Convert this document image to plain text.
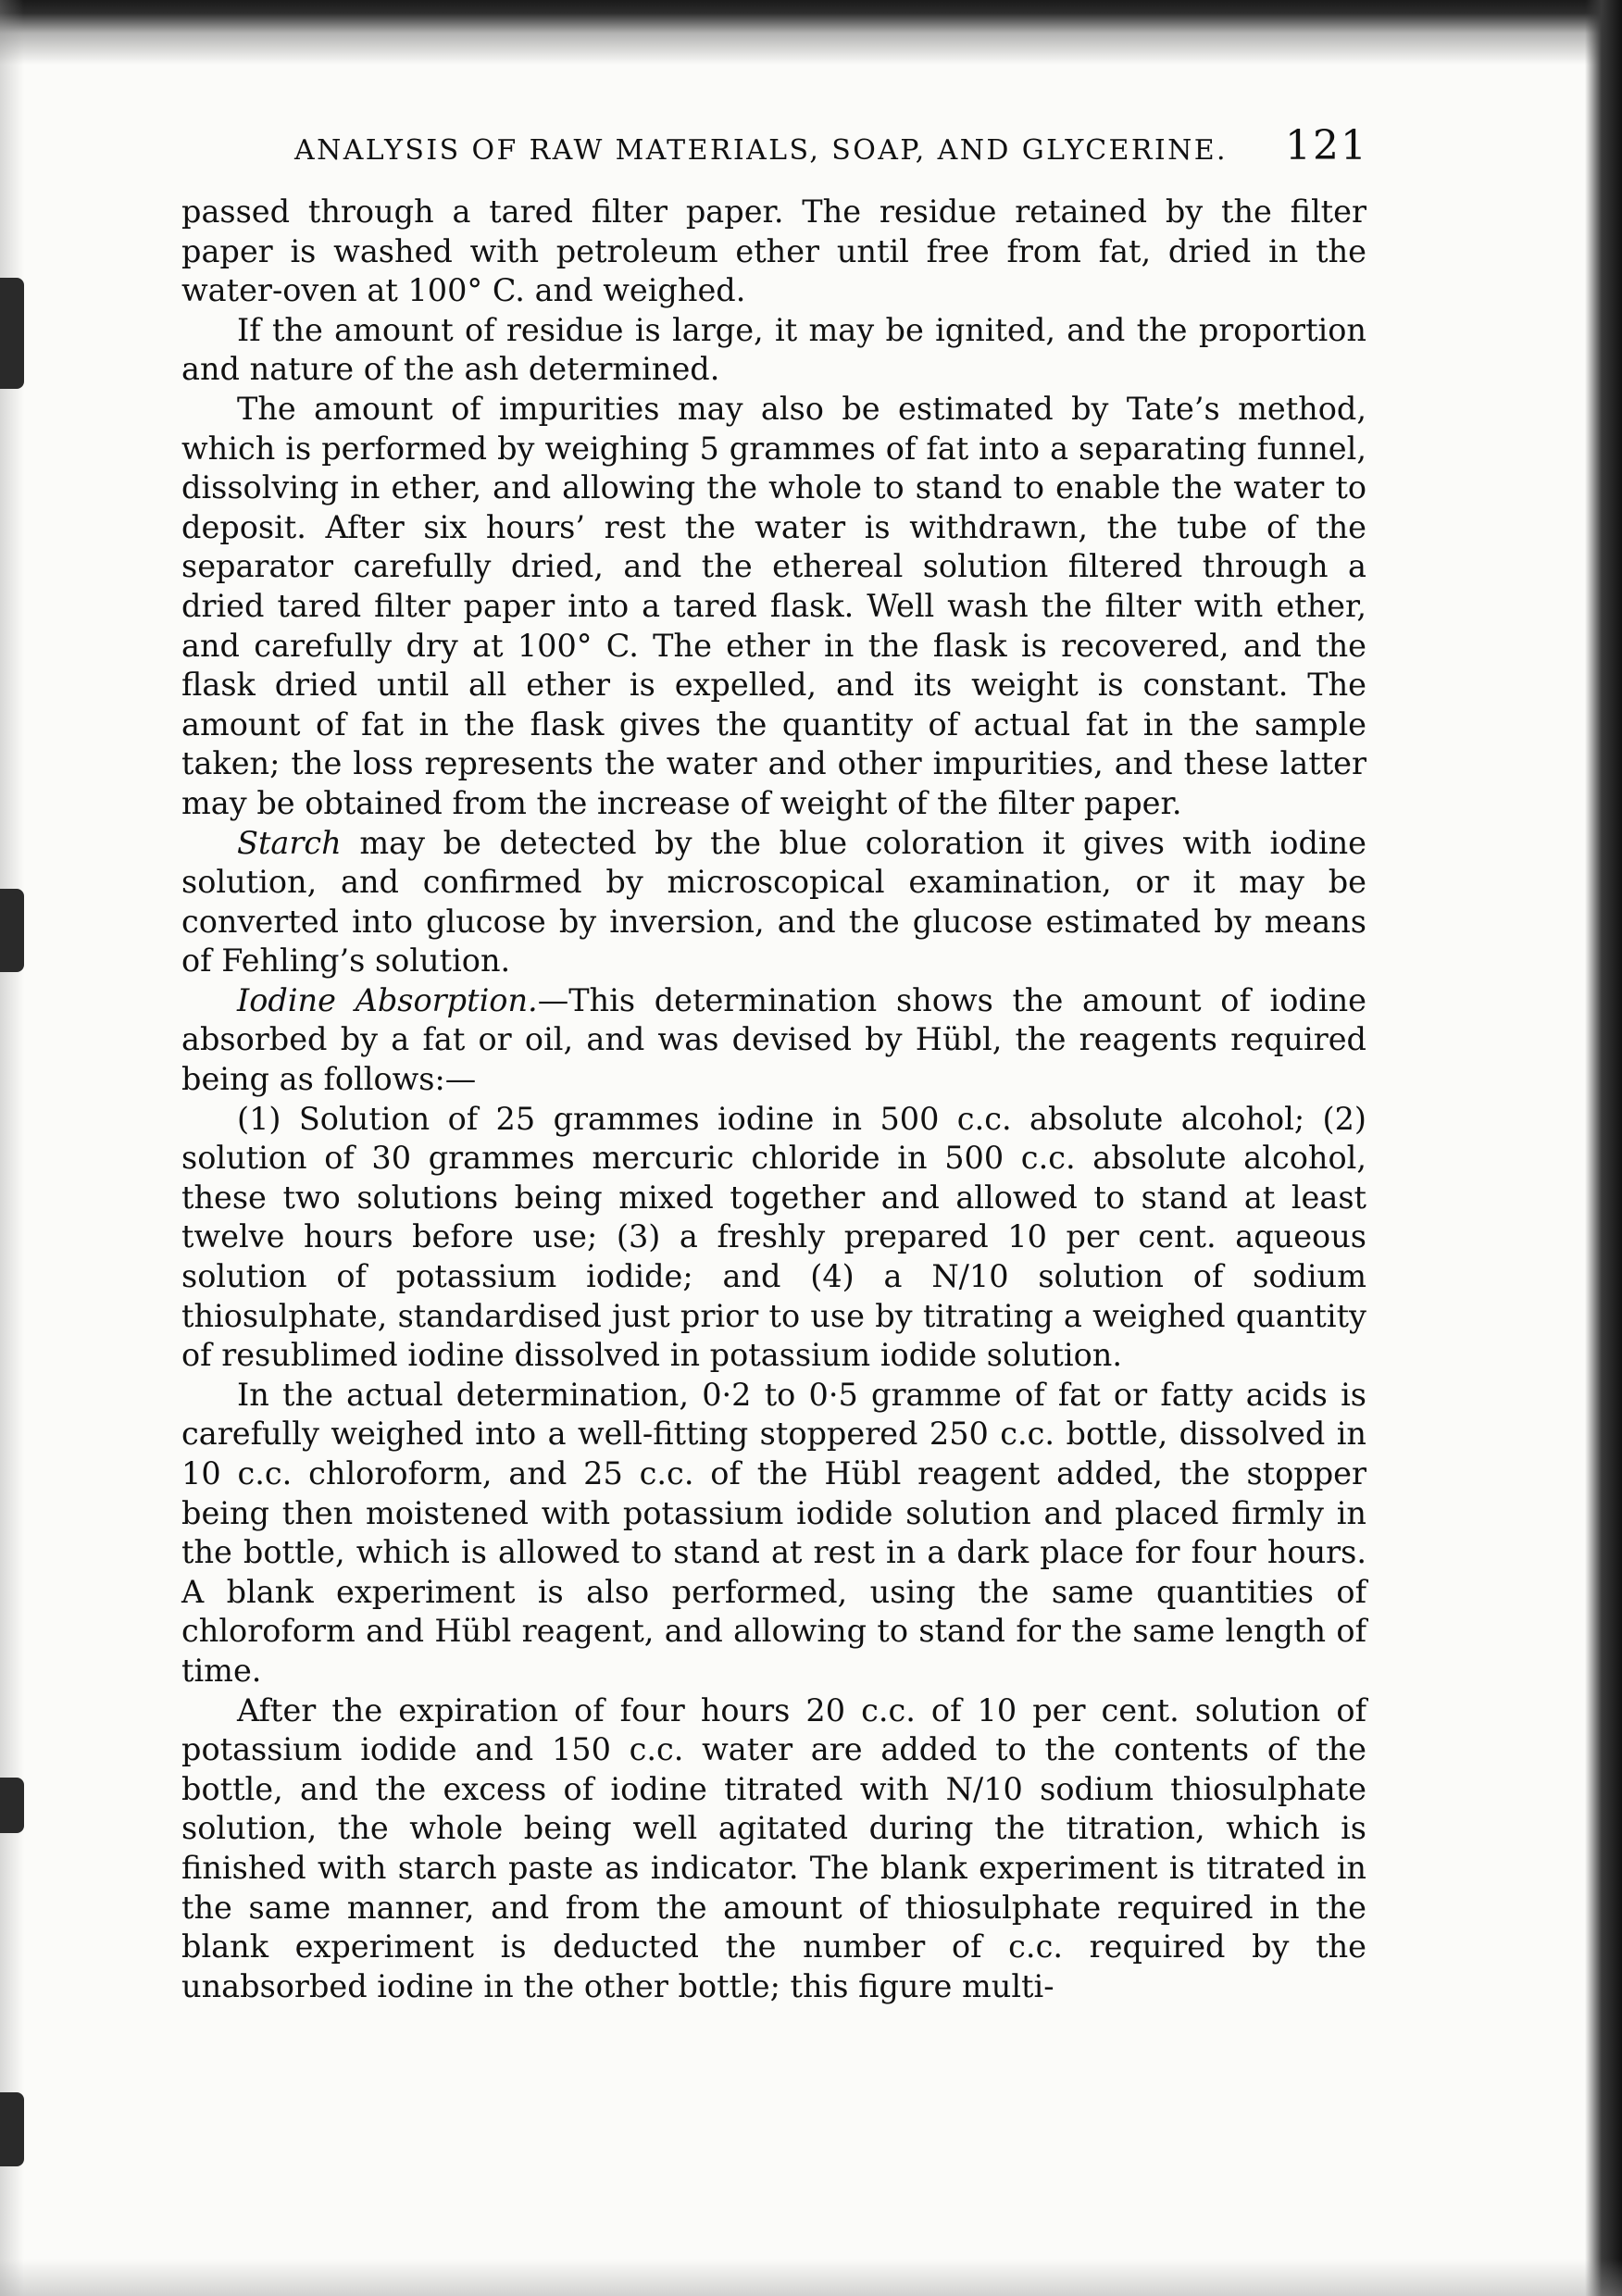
ANALYSIS OF RAW MATERIALS, SOAP, AND GLYCERINE. 121

passed through a tared filter paper. The residue retained by the filter paper is washed with petroleum ether until free from fat, dried in the water-oven at 100° C. and weighed.

If the amount of residue is large, it may be ignited, and the proportion and nature of the ash determined.

The amount of impurities may also be estimated by Tate’s method, which is performed by weighing 5 grammes of fat into a separating funnel, dissolving in ether, and allowing the whole to stand to enable the water to deposit. After six hours’ rest the water is withdrawn, the tube of the separator carefully dried, and the ethereal solution filtered through a dried tared filter paper into a tared flask. Well wash the filter with ether, and carefully dry at 100° C. The ether in the flask is recovered, and the flask dried until all ether is expelled, and its weight is constant. The amount of fat in the flask gives the quantity of actual fat in the sample taken; the loss represents the water and other impurities, and these latter may be obtained from the increase of weight of the filter paper.

Starch may be detected by the blue coloration it gives with iodine solution, and confirmed by microscopical examination, or it may be converted into glucose by inversion, and the glucose estimated by means of Fehling’s solution.

Iodine Absorption.—This determination shows the amount of iodine absorbed by a fat or oil, and was devised by Hübl, the reagents required being as follows:—

(1) Solution of 25 grammes iodine in 500 c.c. absolute alcohol; (2) solution of 30 grammes mercuric chloride in 500 c.c. absolute alcohol, these two solutions being mixed together and allowed to stand at least twelve hours before use; (3) a freshly prepared 10 per cent. aqueous solution of potassium iodide; and (4) a N/10 solution of sodium thiosulphate, standardised just prior to use by titrating a weighed quantity of resublimed iodine dissolved in potassium iodide solution.

In the actual determination, 0·2 to 0·5 gramme of fat or fatty acids is carefully weighed into a well-fitting stoppered 250 c.c. bottle, dissolved in 10 c.c. chloroform, and 25 c.c. of the Hübl reagent added, the stopper being then moistened with potassium iodide solution and placed firmly in the bottle, which is allowed to stand at rest in a dark place for four hours. A blank experiment is also performed, using the same quantities of chloroform and Hübl reagent, and allowing to stand for the same length of time.

After the expiration of four hours 20 c.c. of 10 per cent. solution of potassium iodide and 150 c.c. water are added to the contents of the bottle, and the excess of iodine titrated with N/10 sodium thiosulphate solution, the whole being well agitated during the titration, which is finished with starch paste as indicator. The blank experiment is titrated in the same manner, and from the amount of thiosulphate required in the blank experiment is deducted the number of c.c. required by the unabsorbed iodine in the other bottle; this figure multi-
